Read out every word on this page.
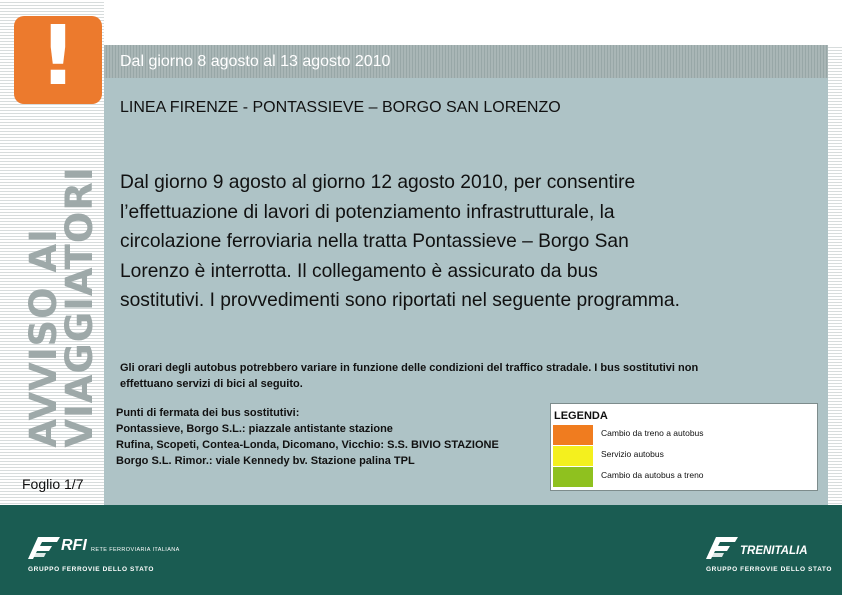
!
AVVISO AI
VIAGGIATORI
Foglio 1/7
Dal giorno 8 agosto al 13 agosto 2010
LINEA FIRENZE - PONTASSIEVE – BORGO SAN LORENZO
Dal giorno 9 agosto al giorno 12 agosto 2010, per consentire
l’effettuazione di lavori di potenziamento infrastrutturale, la
circolazione ferroviaria nella tratta Pontassieve – Borgo San
Lorenzo è interrotta. Il collegamento è assicurato da bus
sostitutivi. I provvedimenti sono riportati nel seguente programma.
Gli orari degli autobus potrebbero variare in funzione delle condizioni del traffico stradale. I bus sostitutivi non
effettuano servizi di bici al seguito.
Punti di fermata dei bus sostitutivi:
Pontassieve, Borgo S.L.: piazzale antistante stazione
Rufina, Scopeti, Contea-Londa, Dicomano, Vicchio: S.S. BIVIO STAZIONE
Borgo S.L. Rimor.: viale Kennedy bv. Stazione palina TPL
LEGENDA
Cambio da treno a autobus
Servizio autobus
Cambio da autobus a treno
RFI RETE FERROVIARIA ITALIANA
GRUPPO FERROVIE DELLO STATO
TRENITALIA
GRUPPO FERROVIE DELLO STATO
